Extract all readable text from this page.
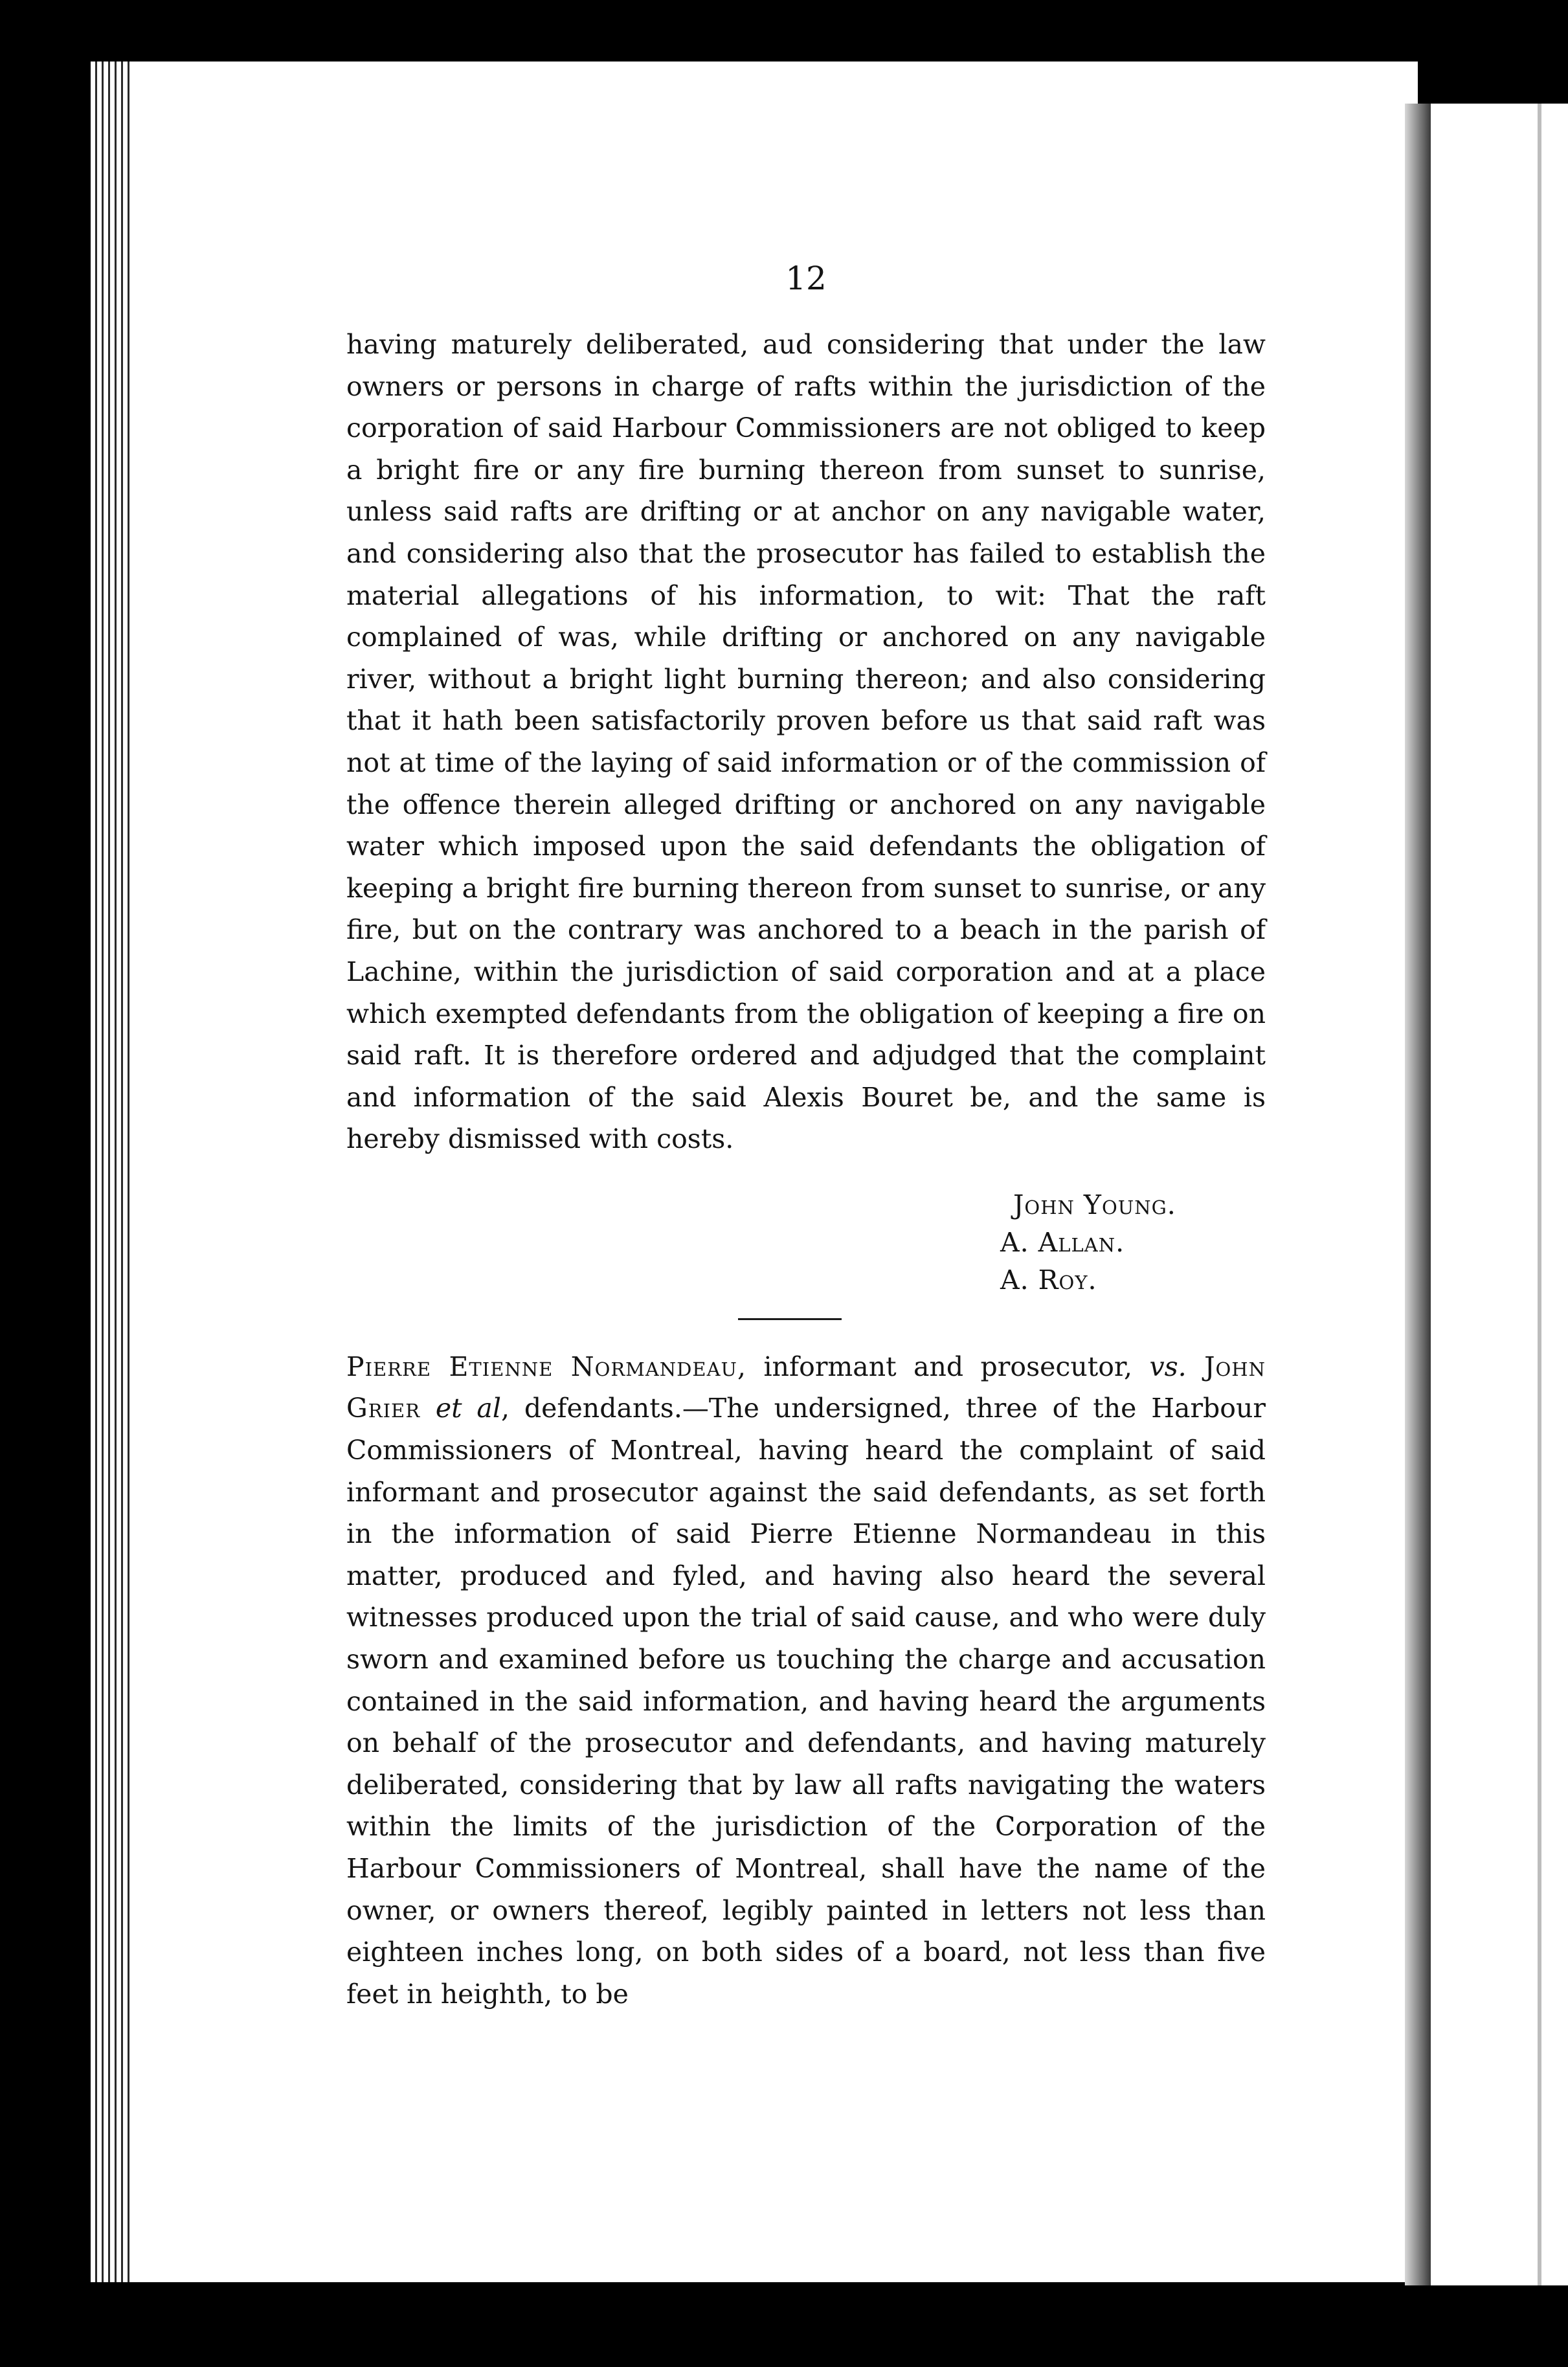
12

having maturely deliberated, aud considering that under the law owners or persons in charge of rafts within the jurisdiction of the corporation of said Harbour Commissioners are not obliged to keep a bright fire or any fire burning thereon from sunset to sunrise, unless said rafts are drifting or at anchor on any navigable water, and considering also that the prosecutor has failed to establish the material allegations of his information, to wit: That the raft complained of was, while drifting or anchored on any navigable river, without a bright light burning thereon; and also considering that it hath been satisfactorily proven before us that said raft was not at time of the laying of said information or of the commission of the offence therein alleged drifting or anchored on any navigable water which imposed upon the said defendants the obligation of keeping a bright fire burning thereon from sunset to sunrise, or any fire, but on the contrary was anchored to a beach in the parish of Lachine, within the jurisdiction of said corporation and at a place which exempted defendants from the obligation of keeping a fire on said raft. It is therefore ordered and adjudged that the complaint and information of the said Alexis Bouret be, and the same is hereby dismissed with costs.

John Young.
A. Allan.
A. Roy.

Pierre Etienne Normandeau, informant and prosecutor, vs. John Grier et al, defendants.—The undersigned, three of the Harbour Commissioners of Montreal, having heard the complaint of said informant and prosecutor against the said defendants, as set forth in the information of said Pierre Etienne Normandeau in this matter, produced and fyled, and having also heard the several witnesses produced upon the trial of said cause, and who were duly sworn and examined before us touching the charge and accusation contained in the said information, and having heard the arguments on behalf of the prosecutor and defendants, and having maturely deliberated, considering that by law all rafts navigating the waters within the limits of the jurisdiction of the Corporation of the Harbour Commissioners of Montreal, shall have the name of the owner, or owners thereof, legibly painted in letters not less than eighteen inches long, on both sides of a board, not less than five feet in heighth, to be
